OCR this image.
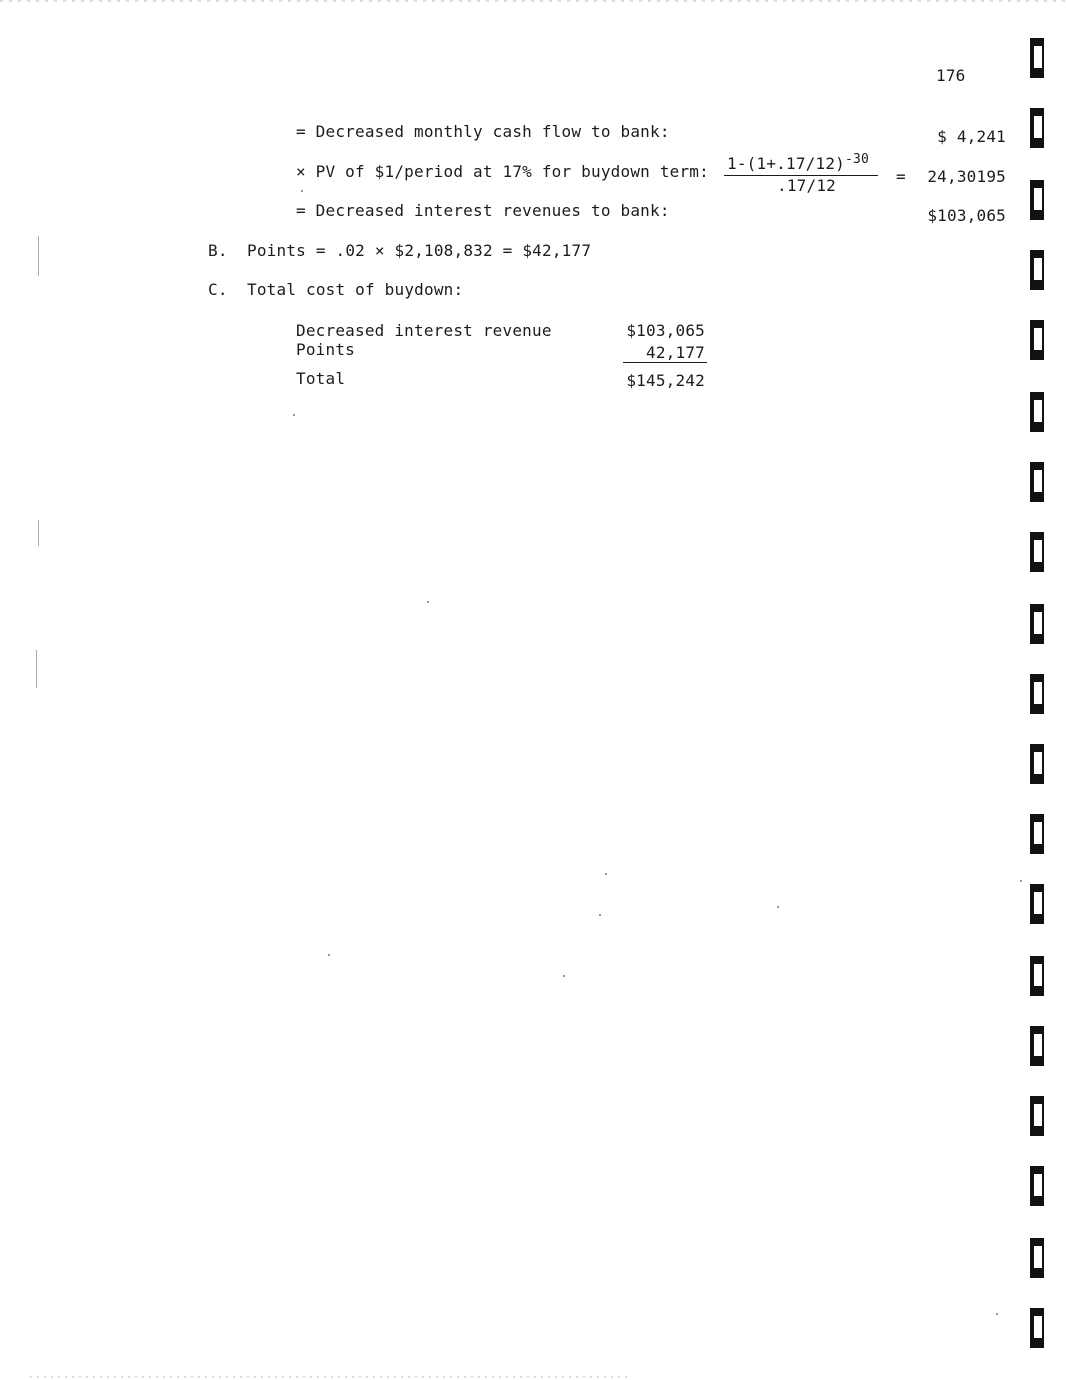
176
= Decreased monthly cash flow to bank:	$ 4,241
× PV of $1/period at 17% for buydown term: $1-(1+.17/12)^{-30}$
.17/12	=	24,30195
= Decreased interest revenues to bank:	$103,065
B. Points = .02 × $2,108,832 = $42,177
C. Total cost of buydown:
Decreased interest revenue	$103,065
Points	42,177
Total	$145,242
